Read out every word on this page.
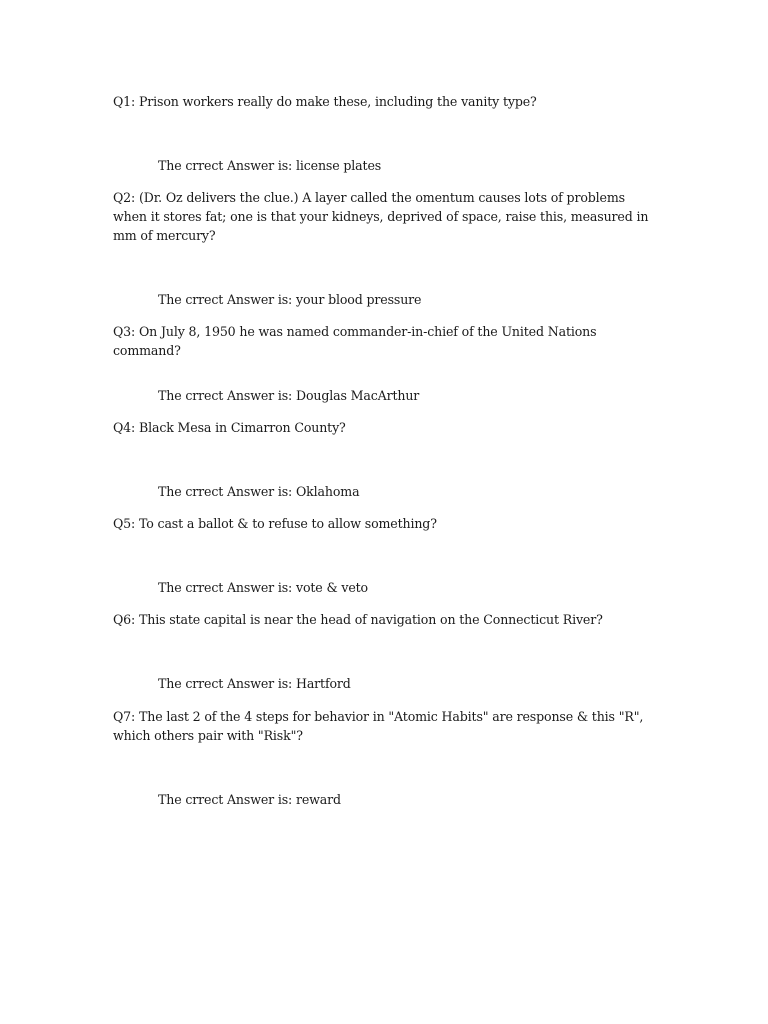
Q1: Prison workers really do make these, including the vanity type?
The crrect Answer is: license plates
Q2: (Dr. Oz delivers the clue.) A layer called the omentum causes lots of problems when it stores fat; one is that your kidneys, deprived of space, raise this, measured in mm of mercury?
The crrect Answer is: your blood pressure
Q3: On July 8, 1950 he was named commander-in-chief of the United Nations command?
The crrect Answer is: Douglas MacArthur
Q4: Black Mesa in Cimarron County?
The crrect Answer is: Oklahoma
Q5: To cast a ballot & to refuse to allow something?
The crrect Answer is: vote & veto
Q6: This state capital is near the head of navigation on the Connecticut River?
The crrect Answer is: Hartford
Q7: The last 2 of the 4 steps for behavior in "Atomic Habits" are response & this "R", which others pair with "Risk"?
The crrect Answer is: reward
